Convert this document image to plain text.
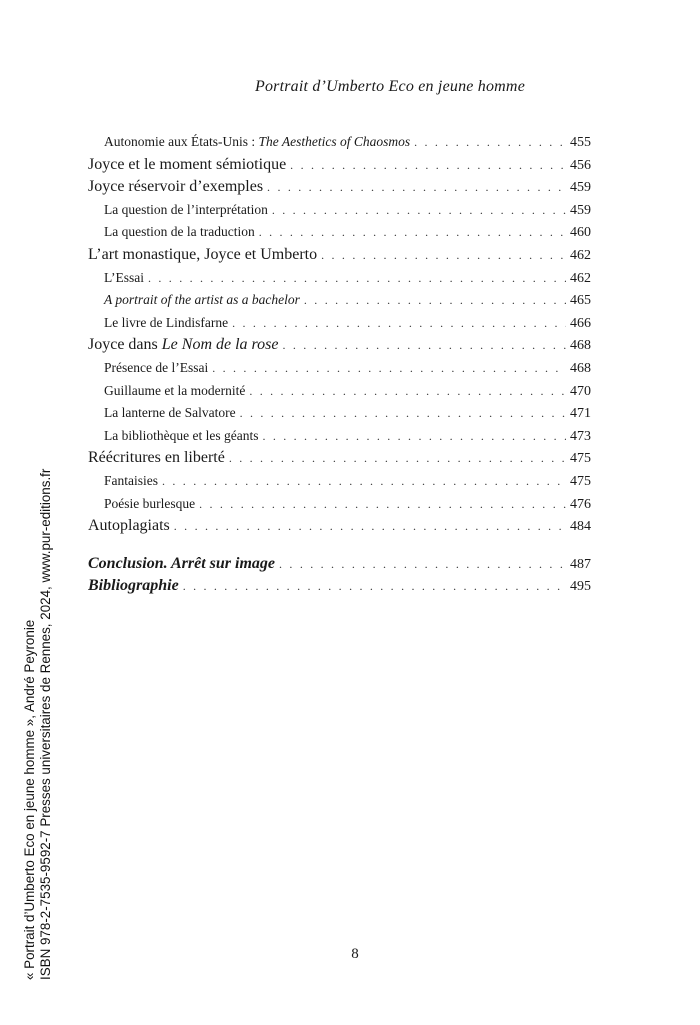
Portrait d’Umberto Eco en jeune homme
Autonomie aux États-Unis : The Aesthetics of Chaosmos . . .	455
Joyce et le moment sémiotique . . .	456
Joyce réservoir d’exemples . . .	459
La question de l’interprétation . . .	459
La question de la traduction . . .	460
L’art monastique, Joyce et Umberto . . .	462
L’Essai . . .	462
A portrait of the artist as a bachelor . . .	465
Le livre de Lindisfarne . . .	466
Joyce dans Le Nom de la rose . . .	468
Présence de l’Essai . . .	468
Guillaume et la modernité . . .	470
La lanterne de Salvatore . . .	471
La bibliothèque et les géants . . .	473
Réécritures en liberté . . .	475
Fantaisies . . .	475
Poésie burlesque . . .	476
Autoplagiats . . .	484
Conclusion. Arrêt sur image . . .	487
Bibliographie . . .	495
« Portrait d’Umberto Eco en jeune homme », André Peyronie ISBN 978-2-7535-9592-7 Presses universitaires de Rennes, 2024, www.pur-editions.fr	8
